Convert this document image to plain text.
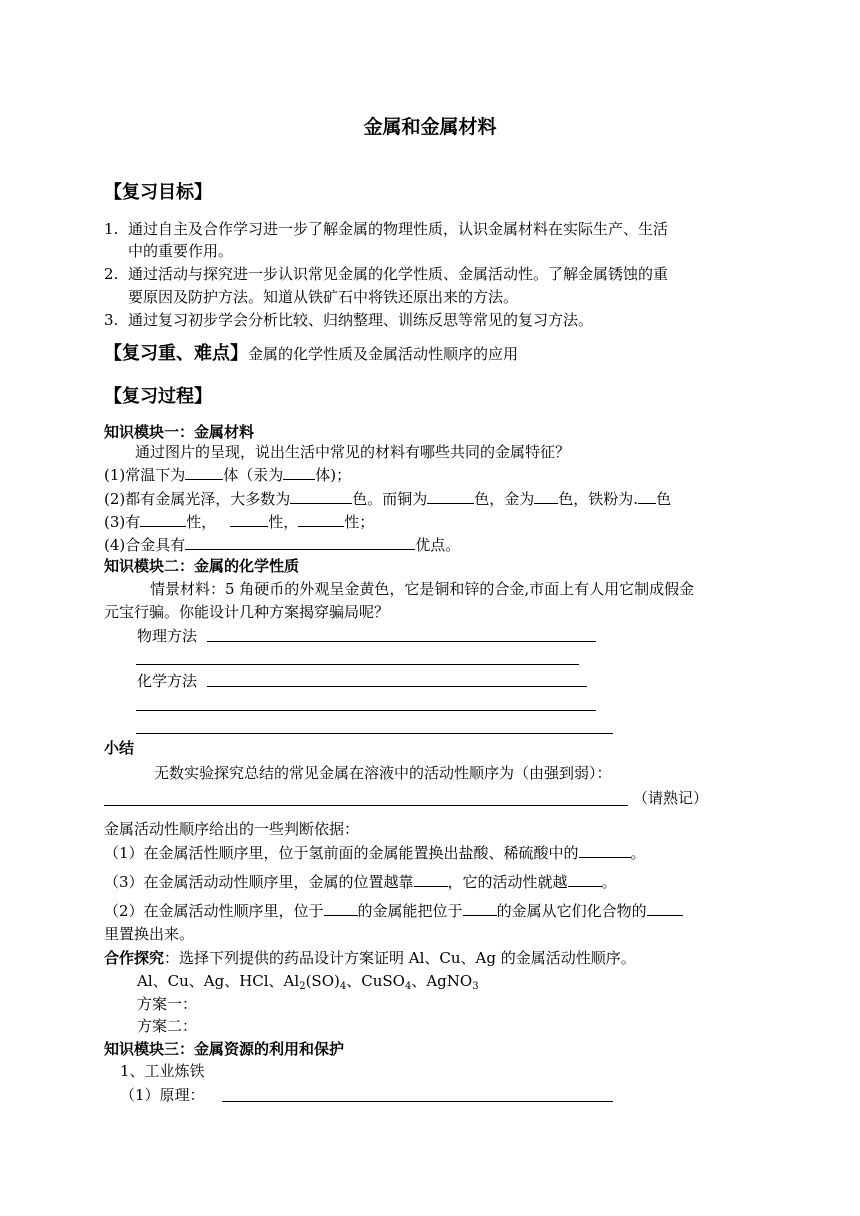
金属和金属材料
【复习目标】
1. 通过自主及合作学习进一步了解金属的物理性质，认识金属材料在实际生产、生活
中的重要作用。
2. 通过活动与探究进一步认识常见金属的化学性质、金属活动性。了解金属锈蚀的重
要原因及防护方法。知道从铁矿石中将铁还原出来的方法。
3. 通过复习初步学会分析比较、归纳整理、训练反思等常见的复习方法。
【复习重、难点】金属的化学性质及金属活动性顺序的应用
【复习过程】
知识模块一：金属材料
通过图片的呈现，说出生活中常见的材料有哪些共同的金属特征？
(1)常温下为	体（汞为 体)；
(2)都有金属光泽，大多数为	色。而铜为	色，金为 色，铁粉为. 色
(3)有	性，	性，	性；
(4)合金具有	优点。
知识模块二：金属的化学性质
情景材料：5 角硬币的外观呈金黄色，它是铜和锌的合金,市面上有人用它制成假金
元宝行骗。你能设计几种方案揭穿骗局呢？
物理方法
化学方法
小结
无数实验探究总结的常见金属在溶液中的活动性顺序为（由强到弱）：
（请熟记）
金属活动性顺序给出的一些判断依据：
（1）在金属活性顺序里，位于氢前面的金属能置换出盐酸、稀硫酸中的	。
（3）在金属活动动性顺序里，金属的位置越靠 ，它的活动性就越 。
（2）在金属活动性顺序里，位于 的金属能把位于 的金属从它们化合物的
里置换出来。
合作探究：选择下列提供的药品设计方案证明 Al、Cu、Ag 的金属活动性顺序。
Al、Cu、Ag、HCl、$Al_2(SO)_4$、CuSO$_4$、AgNO$_3$
方案一：
方案二：
知识模块三：金属资源的利用和保护
1、工业炼铁
（1）原理：
